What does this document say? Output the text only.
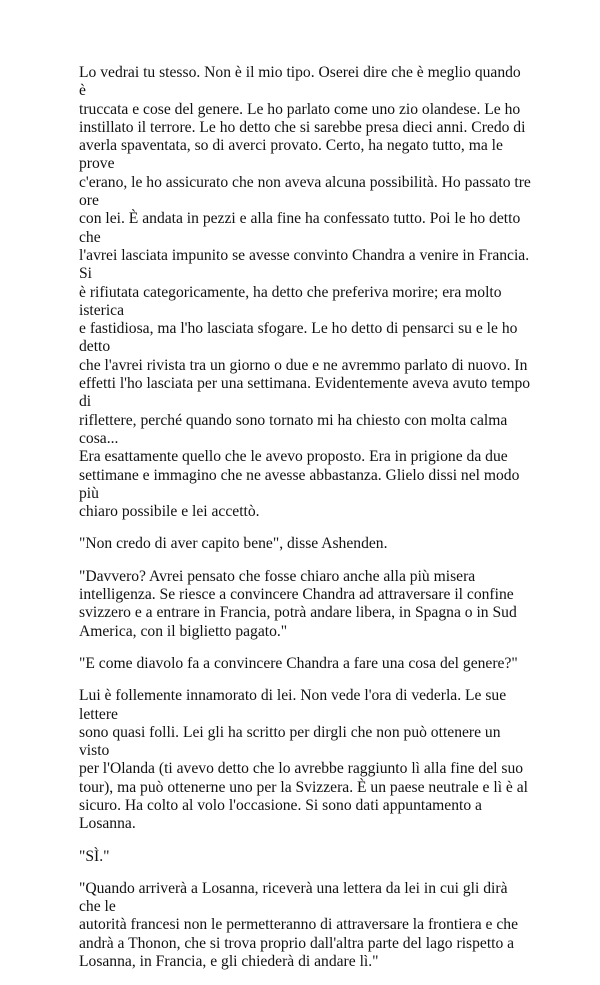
Lo vedrai tu stesso. Non è il mio tipo. Oserei dire che è meglio quando è
truccata e cose del genere. Le ho parlato come uno zio olandese. Le ho
instillato il terrore. Le ho detto che si sarebbe presa dieci anni. Credo di
averla spaventata, so di averci provato. Certo, ha negato tutto, ma le prove
c'erano, le ho assicurato che non aveva alcuna possibilità. Ho passato tre ore
con lei. È andata in pezzi e alla fine ha confessato tutto. Poi le ho detto che
l'avrei lasciata impunito se avesse convinto Chandra a venire in Francia. Si
è rifiutata categoricamente, ha detto che preferiva morire; era molto isterica
e fastidiosa, ma l'ho lasciata sfogare. Le ho detto di pensarci su e le ho detto
che l'avrei rivista tra un giorno o due e ne avremmo parlato di nuovo. In
effetti l'ho lasciata per una settimana. Evidentemente aveva avuto tempo di
riflettere, perché quando sono tornato mi ha chiesto con molta calma cosa...
Era esattamente quello che le avevo proposto. Era in prigione da due
settimane e immagino che ne avesse abbastanza. Glielo dissi nel modo più
chiaro possibile e lei accettò.

"Non credo di aver capito bene", disse Ashenden.

"Davvero? Avrei pensato che fosse chiaro anche alla più misera
intelligenza. Se riesce a convincere Chandra ad attraversare il confine
svizzero e a entrare in Francia, potrà andare libera, in Spagna o in Sud
America, con il biglietto pagato."

"E come diavolo fa a convincere Chandra a fare una cosa del genere?"

Lui è follemente innamorato di lei. Non vede l'ora di vederla. Le sue lettere
sono quasi folli. Lei gli ha scritto per dirgli che non può ottenere un visto
per l'Olanda (ti avevo detto che lo avrebbe raggiunto lì alla fine del suo
tour), ma può ottenerne uno per la Svizzera. È un paese neutrale e lì è al
sicuro. Ha colto al volo l'occasione. Si sono dati appuntamento a Losanna.

"SÌ."

"Quando arriverà a Losanna, riceverà una lettera da lei in cui gli dirà che le
autorità francesi non le permetteranno di attraversare la frontiera e che
andrà a Thonon, che si trova proprio dall'altra parte del lago rispetto a
Losanna, in Francia, e gli chiederà di andare lì."
